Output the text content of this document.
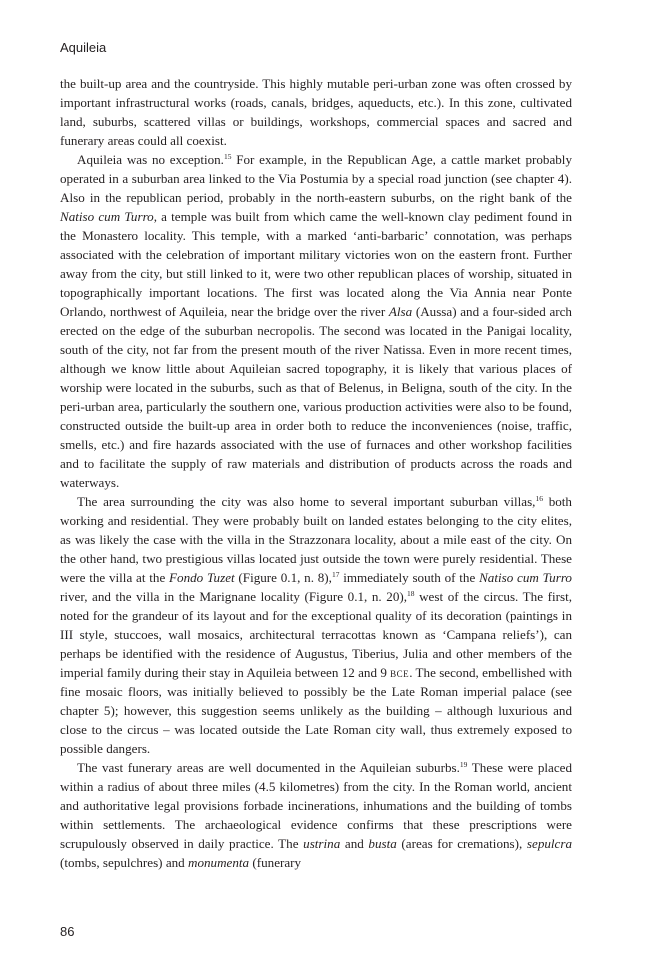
Aquileia

the built-up area and the countryside. This highly mutable peri-urban zone was often crossed by important infrastructural works (roads, canals, bridges, aqueducts, etc.). In this zone, cultivated land, suburbs, scattered villas or buildings, workshops, commercial spaces and sacred and funerary areas could all coexist.

Aquileia was no exception.$^{15}$ For example, in the Republican Age, a cattle market probably operated in a suburban area linked to the Via Postumia by a special road junction (see chapter 4). Also in the republican period, probably in the north-eastern suburbs, on the right bank of the Natiso cum Turro, a temple was built from which came the well-known clay pediment found in the Monastero locality. This temple, with a marked ‘anti-barbaric’ connotation, was perhaps associated with the celebration of important military victories won on the eastern front. Further away from the city, but still linked to it, were two other republican places of worship, situated in topographically important locations. The first was located along the Via Annia near Ponte Orlando, northwest of Aquileia, near the bridge over the river Alsa (Aussa) and a four-sided arch erected on the edge of the suburban necropolis. The second was located in the Panigai locality, south of the city, not far from the present mouth of the river Natissa. Even in more recent times, although we know little about Aquileian sacred topography, it is likely that various places of worship were located in the suburbs, such as that of Belenus, in Beligna, south of the city. In the peri-urban area, particularly the southern one, various production activities were also to be found, constructed outside the built-up area in order both to reduce the inconveniences (noise, traffic, smells, etc.) and fire hazards associated with the use of furnaces and other workshop facilities and to facilitate the supply of raw materials and distribution of products across the roads and waterways.

The area surrounding the city was also home to several important suburban villas,$^{16}$ both working and residential. They were probably built on landed estates belonging to the city elites, as was likely the case with the villa in the Strazzonara locality, about a mile east of the city. On the other hand, two prestigious villas located just outside the town were purely residential. These were the villa at the Fondo Tuzet (Figure 0.1, n. 8),$^{17}$ immediately south of the Natiso cum Turro river, and the villa in the Marignane locality (Figure 0.1, n. 20),$^{18}$ west of the circus. The first, noted for the grandeur of its layout and for the exceptional quality of its decoration (paintings in III style, stuccoes, wall mosaics, architectural terracottas known as ‘Campana reliefs’), can perhaps be identified with the residence of Augustus, Tiberius, Julia and other members of the imperial family during their stay in Aquileia between 12 and 9 bce. The second, embellished with fine mosaic floors, was initially believed to possibly be the Late Roman imperial palace (see chapter 5); however, this suggestion seems unlikely as the building – although luxurious and close to the circus – was located outside the Late Roman city wall, thus extremely exposed to possible dangers.

The vast funerary areas are well documented in the Aquileian suburbs.$^{19}$ These were placed within a radius of about three miles (4.5 kilometres) from the city. In the Roman world, ancient and authoritative legal provisions forbade incinerations, inhumations and the building of tombs within settlements. The archaeological evidence confirms that these prescriptions were scrupulously observed in daily practice. The ustrina and busta (areas for cremations), sepulcra (tombs, sepulchres) and monumenta (funerary

86
